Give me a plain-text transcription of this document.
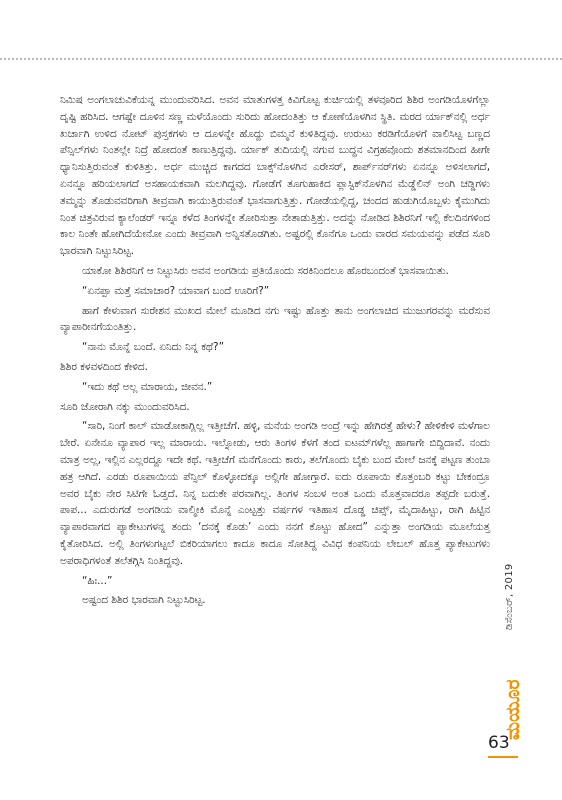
ನಿಮಿಷ ಅಂಗಲಾಚುವಿಕೆಯನ್ನ ಮುಂದುವರಿಸಿದ. ಅವನ ಮಾತುಗಳತ್ತ ಕಿವಿಗೊಟ್ಟ ಕುರ್ಚಿಯಲ್ಲಿ ತಳವೂರಿದ ಶಿಶಿರ ಅಂಗಡಿಯೊಳಗೆಲ್ಲಾ ದೃಷ್ಟಿ ಹರಿಸಿದ. ಆಗಷ್ಟೇ ದೂಳಿನ ಸಣ್ಣ ಮಳೆಯೊಂದು ಸುರಿದು ಹೋದಂತಿತ್ತು ಆ ಕೋಣೆಯೊಳಗಿನ ಸ್ಥಿತಿ. ಮರದ ರ್ಯಾಕ್‌ನಲ್ಲಿ ಅರ್ಧ ಖರ್ಚಾಗಿ ಉಳಿದ ನೋಟ್ ಪುಸ್ತಕಗಳು ಆ ದೂಳನ್ನೇ ಹೊದ್ದು ಬಿಮ್ಮನೆ ಕುಳಿತಿದ್ದವು. ಉರುಟು ಕರಡಿಗೆಯೊಳಗೆ ವಾಲಿಸಿಟ್ಟ ಬಣ್ಣದ ಪೆನ್ಸಿಲ್‌ಗಳು ನಿಂತಲ್ಲೇ ನಿದ್ರೆ ಹೋದಂತೆ ಕಾಣುತ್ತಿದ್ದವು. ರ್ಯಾಕ್ ತುದಿಯಲ್ಲಿ ನಗುವ ಬುದ್ಧನ ವಿಗ್ರಹವೊಂದು ಶತಮಾನದಿಂದ ಹೀಗೇ ಧ್ಯಾನಿಸುತ್ತಿರುವಂತೆ ಕುಳಿತಿತ್ತು. ಅರ್ಧ ಮುಚ್ಚಿದ ಕಾಗದದ ಬಾಕ್ಸ್‌ನೊಳಗಿನ ಎರೇಸರ್, ಶಾರ್ಪ್‌ನರ್‌ಗಳು ಏನನ್ನೂ ಅಳಿಸಲಾಗದೆ, ಏನನ್ನೂ ಹರಿಯಲಾಗದೆ ಅಸಹಾಯಕವಾಗಿ ಮಲಗಿದ್ದವು. ಗೋಡೆಗೆ ತೂಗುಹಾಕಿದ ಪ್ಲಾಸ್ಟಿಕ್‌ನೊಳಗಿನ ಮೆಡ್ಡೆಲಿನ್ ಅಂಗಿ ಚಡ್ಡಿಗಳು ತಮ್ಮನ್ನು ತೊಡುವವರಿಗಾಗಿ ತೀವ್ರವಾಗಿ ಕಾಯುತ್ತಿರುವಂತೆ ಭಾಸವಾಗುತ್ತಿತ್ತು. ಗೋಡೆಯಲ್ಲಿದ್ದ, ಚಂದದ ಹುಡುಗಿಯೊಬ್ಬಳು ಕೈಮುಗಿದು ನಿಂತ ಚಿತ್ರವಿರುವ ಕ್ಯಾಲೆಂಡರ್ ಇನ್ನೂ ಕಳೆದ ತಿಂಗಳನ್ನೇ ತೋರಿಸುತ್ತಾ ನೇತಾಡುತ್ತಿತ್ತು. ಅದನ್ನು ನೋಡಿದ ಶಿಶಿರನಿಗೆ ಇಲ್ಲಿ ಕೆಲದಿನಗಳಿಂದ ಕಾಲ ನಿಂತೇ ಹೋಗಿದೆಯೇನೋ ಎಂದು ತೀವ್ರವಾಗಿ ಅನ್ನಿಸತೊಡಗಿತು. ಅಷ್ಟರಲ್ಲಿ ಕೊನೆಗೂ ಒಂದು ವಾರದ ಸಮಯವನ್ನು ಪಡೆದ ಸೂರಿ ಭಾರವಾಗಿ ನಿಟ್ಟುಸಿರಿಟ್ಟ.

ಯಾಕೋ ಶಿಶಿರನಿಗೆ ಆ ನಿಟ್ಟುಸಿರು ಅವನ ಅಂಗಡಿಯ ಪ್ರತಿಯೊಂದು ಸರಕಿನಿಂದಲೂ ಹೊರಬಂದಂತೆ ಭಾಸವಾಯಿತು.

“ಏನಪ್ಪಾ ಮತ್ತೆ ಸಮಾಚಾರ? ಯಾವಾಗ ಬಂದೆ ಊರಿಗೆ?”

ಹಾಗೆ ಕೇಳುವಾಗ ಸುರೇಶನ ಮುಖದ ಮೇಲೆ ಮೂಡಿದ ನಗು ಇಷ್ಟು ಹೊತ್ತು ತಾನು ಅಂಗಲಾಚಿದ ಮುಜುಗರವನ್ನು ಮರೆಸುವ ವ್ಯಾಪಾರೀನಗೆಯಂತಿತ್ತು.

“ನಾನು ಮೊನ್ನೆ ಬಂದೆ. ಏನಿದು ನಿನ್ನ ಕಥೆ?”

ಶಿಶಿರ ಕಳವಳದಿಂದ ಕೇಳಿದ.

“ಇದು ಕಥೆ ಅಲ್ಲ ಮಾರಾಯ, ಜೀವನ.”

ಸೂರಿ ಜೋರಾಗಿ ನಕ್ಕು ಮುಂದುವರಿಸಿದ.

“ಸಾರಿ, ನಿಂಗೆ ಕಾಲ್ ಮಾಡೋಕಾಗ್ಲಿಲ್ಲ ಇತ್ತೀಚೆಗೆ. ಹಳ್ಳಿ, ಮನೆಯ ಅಂಗಡಿ ಅಂದ್ರೆ ಇನ್ನು ಹೇಗಿರತ್ತೆ ಹೇಳು? ಹೇಳಿಕೇಳಿ ಮಳೆಗಾಲ ಬೇರೆ. ಏನೇನೂ ವ್ಯಾಪಾರ ಇಲ್ಲ ಮಾರಾಯ. ಇಲ್ನೋಡು, ಆರು ತಿಂಗಳ ಕೆಳಗೆ ತಂದ ಐಟಮ್‌ಗಳೆಲ್ಲ ಹಾಗಾಗೇ ಬಿದ್ದಿದಾವೆ. ನಂದು ಮಾತ್ರ ಅಲ್ಲ, ಇಲ್ಲಿನ ಎಲ್ಲರದ್ದೂ ಇದೇ ಕಥೆ. ಇತ್ತೀಚೆಗೆ ಮನೆಗೊಂದು ಕಾರು, ತಲೆಗೊಂದು ಬೈಕು ಬಂದ ಮೇಲೆ ಜನಕ್ಕೆ ಪಟ್ಟಣ ತುಂಬಾ ಹತ್ರ ಆಗಿದೆ. ಎರಡು ರೂಪಾಯಿಯ ಪೆನ್ಸಿಲ್ ಕೊಳ್ಳೋದಕ್ಕೂ ಅಲ್ಲಿಗೇ ಹೋಗ್ತಾರೆ. ಐದು ರೂಪಾಯಿ ಕೊತ್ತಂಬರಿ ಕಟ್ಟು ಬೇಕಂದ್ರೂ ಅವರ ಬೈಕು ನೇರ ಸಿಟಿಗೇ ಓಡ್ತದೆ. ನಿನ್ನ ಬದುಕೇ ಪರವಾಗಿಲ್ಲ. ತಿಂಗಳ ಸಂಬಳ ಅಂತ ಒಂದು ಮೊತ್ತವಾದರೂ ತಪ್ಪದೇ ಬರುತ್ತೆ. ಪಾಪ... ಎದುರುಗಡೆ ಅಂಗಡಿಯ ವಾಲ್ಮೀಕಿ ಮೊನ್ನೆ ಎಂಟ್ಟತ್ತು ವರ್ಷಗಳ ಇತಿಹಾಸ ದೊಡ್ಡ ಚಿಪ್ಸ್, ಮೈದಾಹಿಟ್ಟು, ರಾಗಿ ಹಿಟ್ಟಿನ ವ್ಯಾಪಾರವಾಗದ ಪ್ಯಾಕೇಟುಗಳನ್ನ ತಂದು ‘ದನಕ್ಕೆ ಕೊಡು’ ಎಂದು ನನಗೆ ಕೊಟ್ಟು ಹೋದ” ಎನ್ನುತ್ತಾ ಅಂಗಡಿಯ ಮೂಲೆಯತ್ತ ಕೈತೋರಿಸಿದ. ಅಲ್ಲಿ ತಿಂಗಳುಗಟ್ಟಲೆ ಬಿಕರಿಯಾಗಲು ಕಾದೂ ಕಾದೂ ಸೋತಿದ್ದ ವಿವಿಧ ಕಂಪನಿಯ ಲೇಬಲ್ ಹೊತ್ತ ಪ್ಯಾಕೇಟುಗಳು ಅಪರಾಧಿಗಳಂತೆ ತಲೆತಗ್ಗಿಸಿ ನಿಂತಿದ್ದವು.

“ಹಿಃ...”

ಅಷ್ಟಂದ ಶಿಶಿರ ಭಾರವಾಗಿ ನಿಟ್ಟುಸಿರಿಟ್ಟ.	ಡಿಸೆಂಬರ್, 2019
ಮಯೂರ
63
